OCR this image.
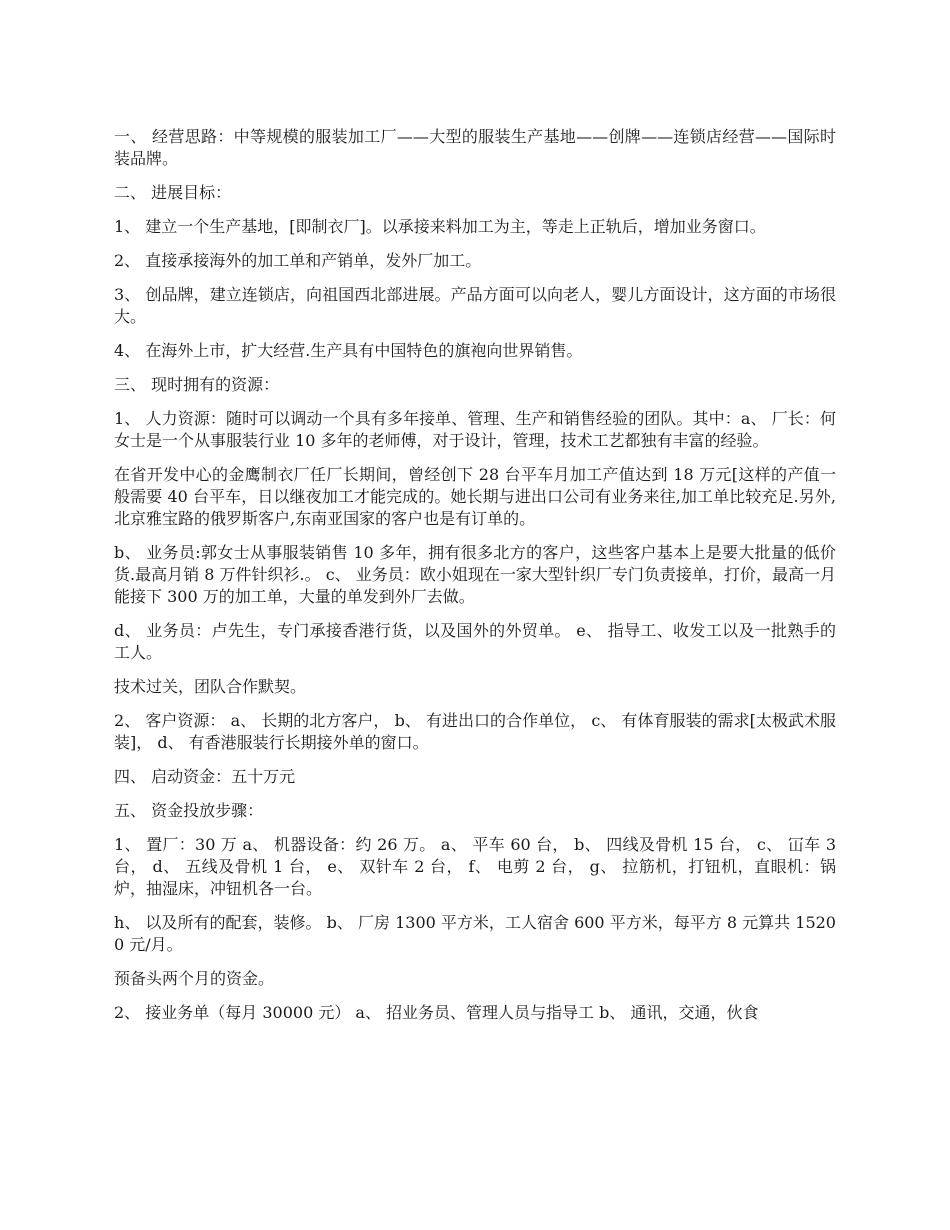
一、 经营思路：中等规模的服装加工厂——大型的服装生产基地——创牌——连锁店经营——国际时装品牌。

二、 进展目标：

1、 建立一个生产基地，[即制衣厂]。以承接来料加工为主，等走上正轨后，增加业务窗口。

2、 直接承接海外的加工单和产销单，发外厂加工。

3、 创品牌，建立连锁店，向祖国西北部进展。产品方面可以向老人，婴儿方面设计，这方面的市场很大。

4、 在海外上市，扩大经营.生产具有中国特色的旗袍向世界销售。

三、 现时拥有的资源：

1、 人力资源：随时可以调动一个具有多年接单、管理、生产和销售经验的团队。其中：a、 厂长：何女士是一个从事服装行业 10 多年的老师傅，对于设计，管理，技术工艺都独有丰富的经验。

在省开发中心的金鹰制衣厂任厂长期间，曾经创下 28 台平车月加工产值达到 18 万元[这样的产值一般需要 40 台平车，日以继夜加工才能完成的。她长期与进出口公司有业务来往,加工单比较充足.另外,北京雅宝路的俄罗斯客户,东南亚国家的客户也是有订单的。

b、 业务员:郭女士从事服装销售 10 多年，拥有很多北方的客户，这些客户基本上是要大批量的低价货.最高月销 8 万件针织衫.。 c、 业务员：欧小姐现在一家大型针织厂专门负责接单，打价，最高一月能接下 300 万的加工单，大量的单发到外厂去做。

d、 业务员：卢先生，专门承接香港行货，以及国外的外贸单。 e、 指导工、收发工以及一批熟手的工人。

技术过关，团队合作默契。

2、 客户资源： a、 长期的北方客户， b、 有进出口的合作单位， c、 有体育服装的需求[太极武术服装]， d、 有香港服装行长期接外单的窗口。

四、 启动资金：五十万元

五、 资金投放步骤：

1、 置厂：30 万 a、 机器设备：约 26 万。 a、 平车 60 台， b、 四线及骨机 15 台， c、 冚车 3 台， d、 五线及骨机 1 台， e、 双针车 2 台， f、 电剪 2 台， g、 拉筋机，打钮机，直眼机：锅炉，抽湿床，冲钮机各一台。

h、 以及所有的配套，装修。 b、 厂房 1300 平方米，工人宿舍 600 平方米，每平方 8 元算共 15200 元/月。

预备头两个月的资金。

2、 接业务单（每月 30000 元） a、 招业务员、管理人员与指导工 b、 通讯，交通，伙食
